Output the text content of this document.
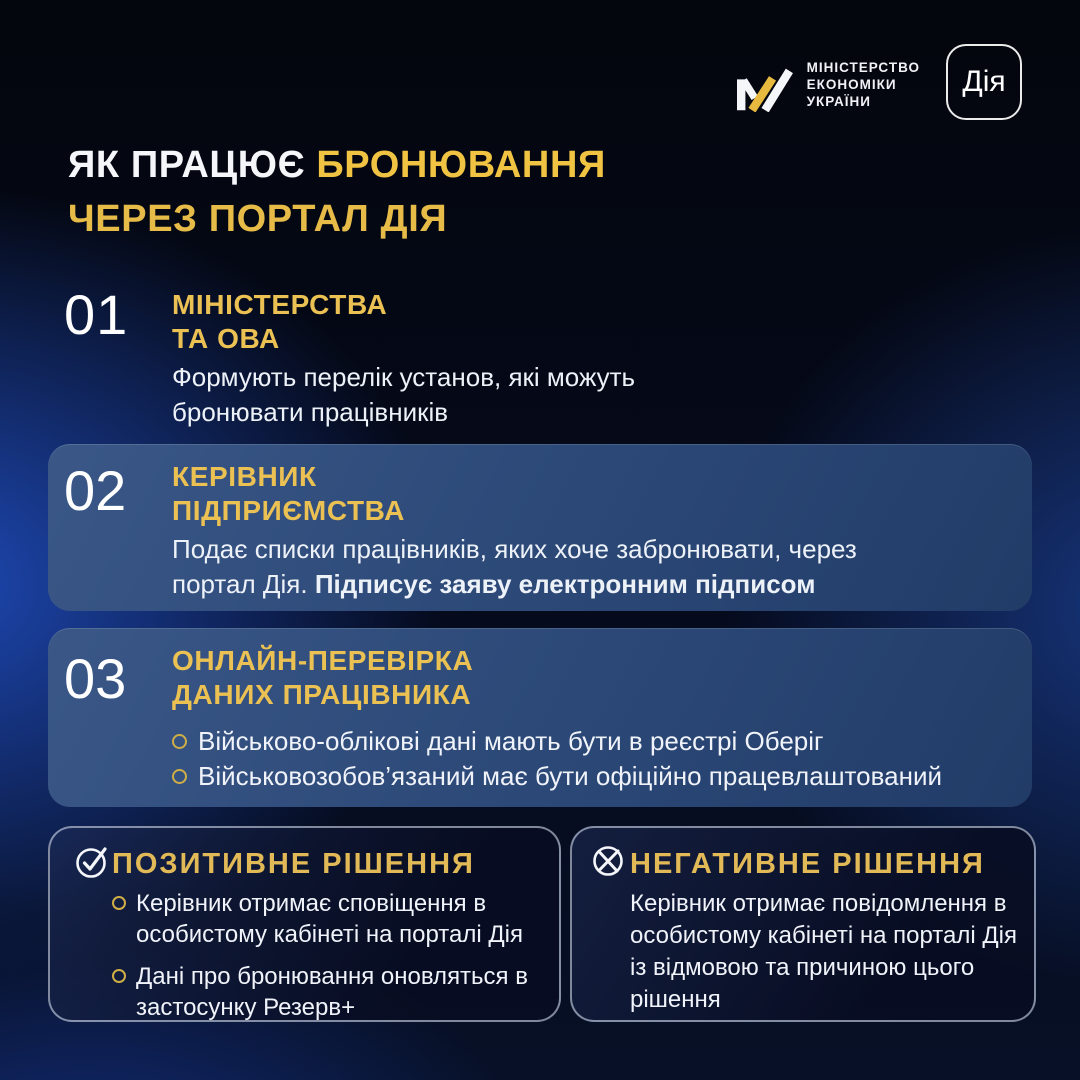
МІНІСТЕРСТВО
ЕКОНОМІКИ
УКРАЇНИ
Дія
ЯК ПРАЦЮЄ БРОНЮВАННЯ
ЧЕРЕЗ ПОРТАЛ ДІЯ
01 МІНІСТЕРСТВА
ТА ОВА
Формують перелік установ, які можуть бронювати працівників
02 КЕРІВНИК
ПІДПРИЄМСТВА
Подає списки працівників, яких хоче забронювати, через портал Дія. Підписує заяву електронним підписом
03 ОНЛАЙН-ПЕРЕВІРКА
ДАНИХ ПРАЦІВНИКА
Військово-облікові дані мають бути в реєстрі Оберіг
Військовозобов’язаний має бути офіційно працевлаштований
ПОЗИТИВНЕ РІШЕННЯ
Керівник отримає сповіщення в особистому кабінеті на порталі Дія
Дані про бронювання оновляться в застосунку Резерв+
НЕГАТИВНЕ РІШЕННЯ
Керівник отримає повідомлення в особистому кабінеті на порталі Дія із відмовою та причиною цього рішення
